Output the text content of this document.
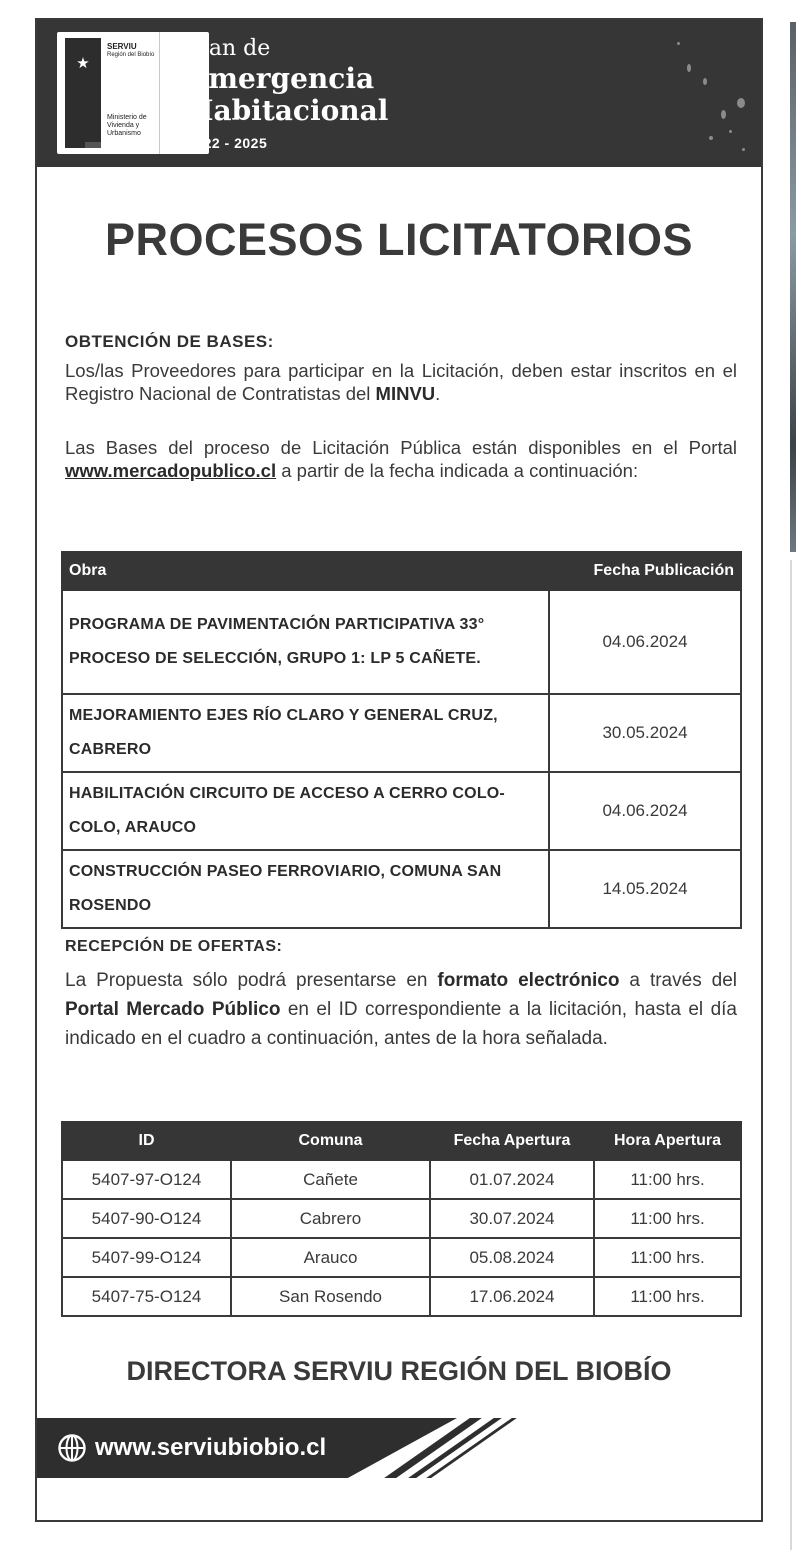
★
SERVIU
Región del Biobío
Ministerio de Vivienda y Urbanismo
Plan de
Emergencia
Habitacional
2022 - 2025
PROCESOS LICITATORIOS
OBTENCIÓN DE BASES:
Los/las Proveedores para participar en la Licitación, deben estar inscritos en el Registro Nacional de Contratistas del MINVU.
Las Bases del proceso de Licitación Pública están disponibles en el Portal www.mercadopublico.cl a partir de la fecha indicada a continuación:
Obra	Fecha Publicación
PROGRAMA DE PAVIMENTACIÓN PARTICIPATIVA 33° PROCESO DE SELECCIÓN, GRUPO 1: LP 5 CAÑETE.	04.06.2024
MEJORAMIENTO EJES RÍO CLARO Y GENERAL CRUZ, CABRERO	30.05.2024
HABILITACIÓN CIRCUITO DE ACCESO A CERRO COLO-COLO, ARAUCO	04.06.2024
CONSTRUCCIÓN PASEO FERROVIARIO, COMUNA SAN ROSENDO	14.05.2024
RECEPCIÓN DE OFERTAS:
La Propuesta sólo podrá presentarse en formato electrónico a través del Portal Mercado Público en el ID correspondiente a la licitación, hasta el día indicado en el cuadro a continuación, antes de la hora señalada.
ID	Comuna	Fecha Apertura	Hora Apertura
5407-97-O124	Cañete	01.07.2024	11:00 hrs.
5407-90-O124	Cabrero	30.07.2024	11:00 hrs.
5407-99-O124	Arauco	05.08.2024	11:00 hrs.
5407-75-O124	San Rosendo	17.06.2024	11:00 hrs.
DIRECTORA SERVIU REGIÓN DEL BIOBÍO
www.serviubiobio.cl
